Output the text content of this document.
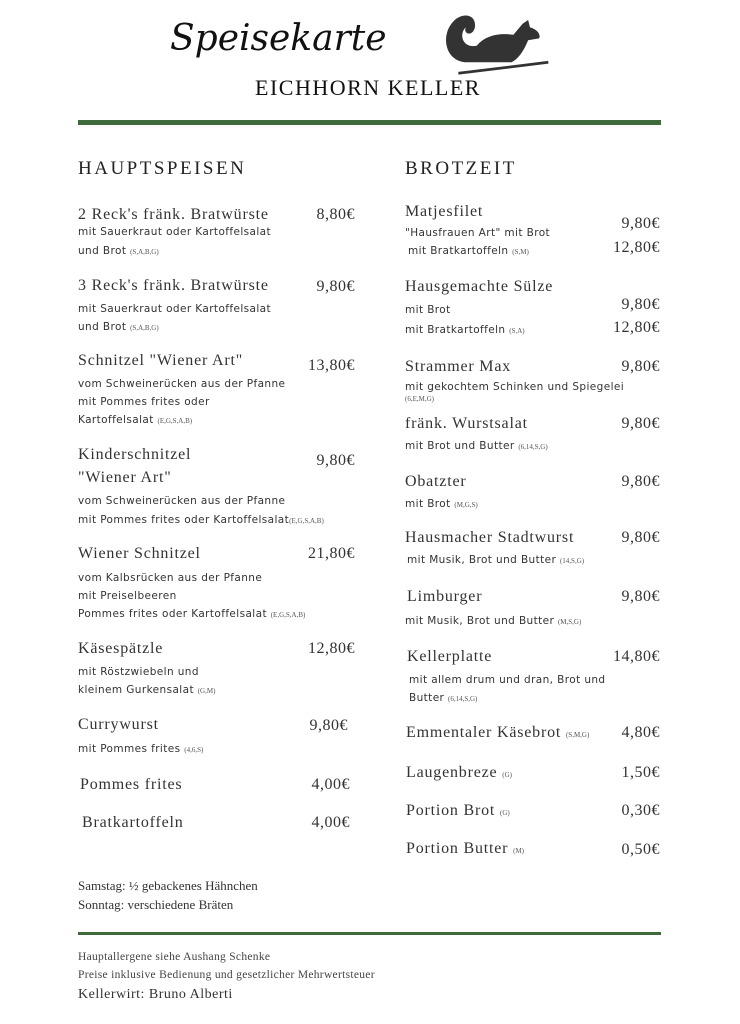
Speisekarte
EICHHORN KELLER
HAUPTSPEISEN
2 Reck's fränk. Bratwürste	8,80€
mit Sauerkraut oder Kartoffelsalat
und Brot (S,A,B,G)
3 Reck's fränk. Bratwürste	9,80€
mit Sauerkraut oder Kartoffelsalat
und Brot (S,A,B,G)
Schnitzel "Wiener Art"	13,80€
vom Schweinerücken aus der Pfanne
mit Pommes frites oder
Kartoffelsalat (E,G,S,A,B)
Kinderschnitzel
"Wiener Art"
9,80€
vom Schweinerücken aus der Pfanne
mit Pommes frites oder Kartoffelsalat(E,G,S,A,B)
Wiener Schnitzel	21,80€
vom Kalbsrücken aus der Pfanne
mit Preiselbeeren
Pommes frites oder Kartoffelsalat (E,G,S,A,B)
Käsespätzle	12,80€
mit Röstzwiebeln und
kleinem Gurkensalat (G,M)
Currywurst	9,80€
mit Pommes frites (4,6,S)
Pommes frites	4,00€
Bratkartoffeln	4,00€
BROTZEIT
Matjesfilet
"Hausfrauen Art" mit Brot
mit Bratkartoffeln (S,M)
9,80€
12,80€
Hausgemachte Sülze
mit Brot
mit Bratkartoffeln (S,A)
9,80€
12,80€
Strammer Max	9,80€
mit gekochtem Schinken und Spiegelei
(6,E,M,G)
fränk. Wurstsalat	9,80€
mit Brot und Butter (6,14,S,G)
Obatzter	9,80€
mit Brot (M,G,S)
Hausmacher Stadtwurst	9,80€
mit Musik, Brot und Butter (14,S,G)
Limburger	9,80€
mit Musik, Brot und Butter (M,S,G)
Kellerplatte	14,80€
mit allem drum und dran, Brot und
Butter (6,14,S,G)
Emmentaler Käsebrot (S,M,G) 4,80€
Laugenbreze (G)	1,50€
Portion Brot (G)	0,30€
Portion Butter (M)	0,50€
Samstag: ½ gebackenes Hähnchen
Sonntag: verschiedene Bräten
Hauptallergene siehe Aushang Schenke
Preise inklusive Bedienung und gesetzlicher Mehrwertsteuer
Kellerwirt: Bruno Alberti
